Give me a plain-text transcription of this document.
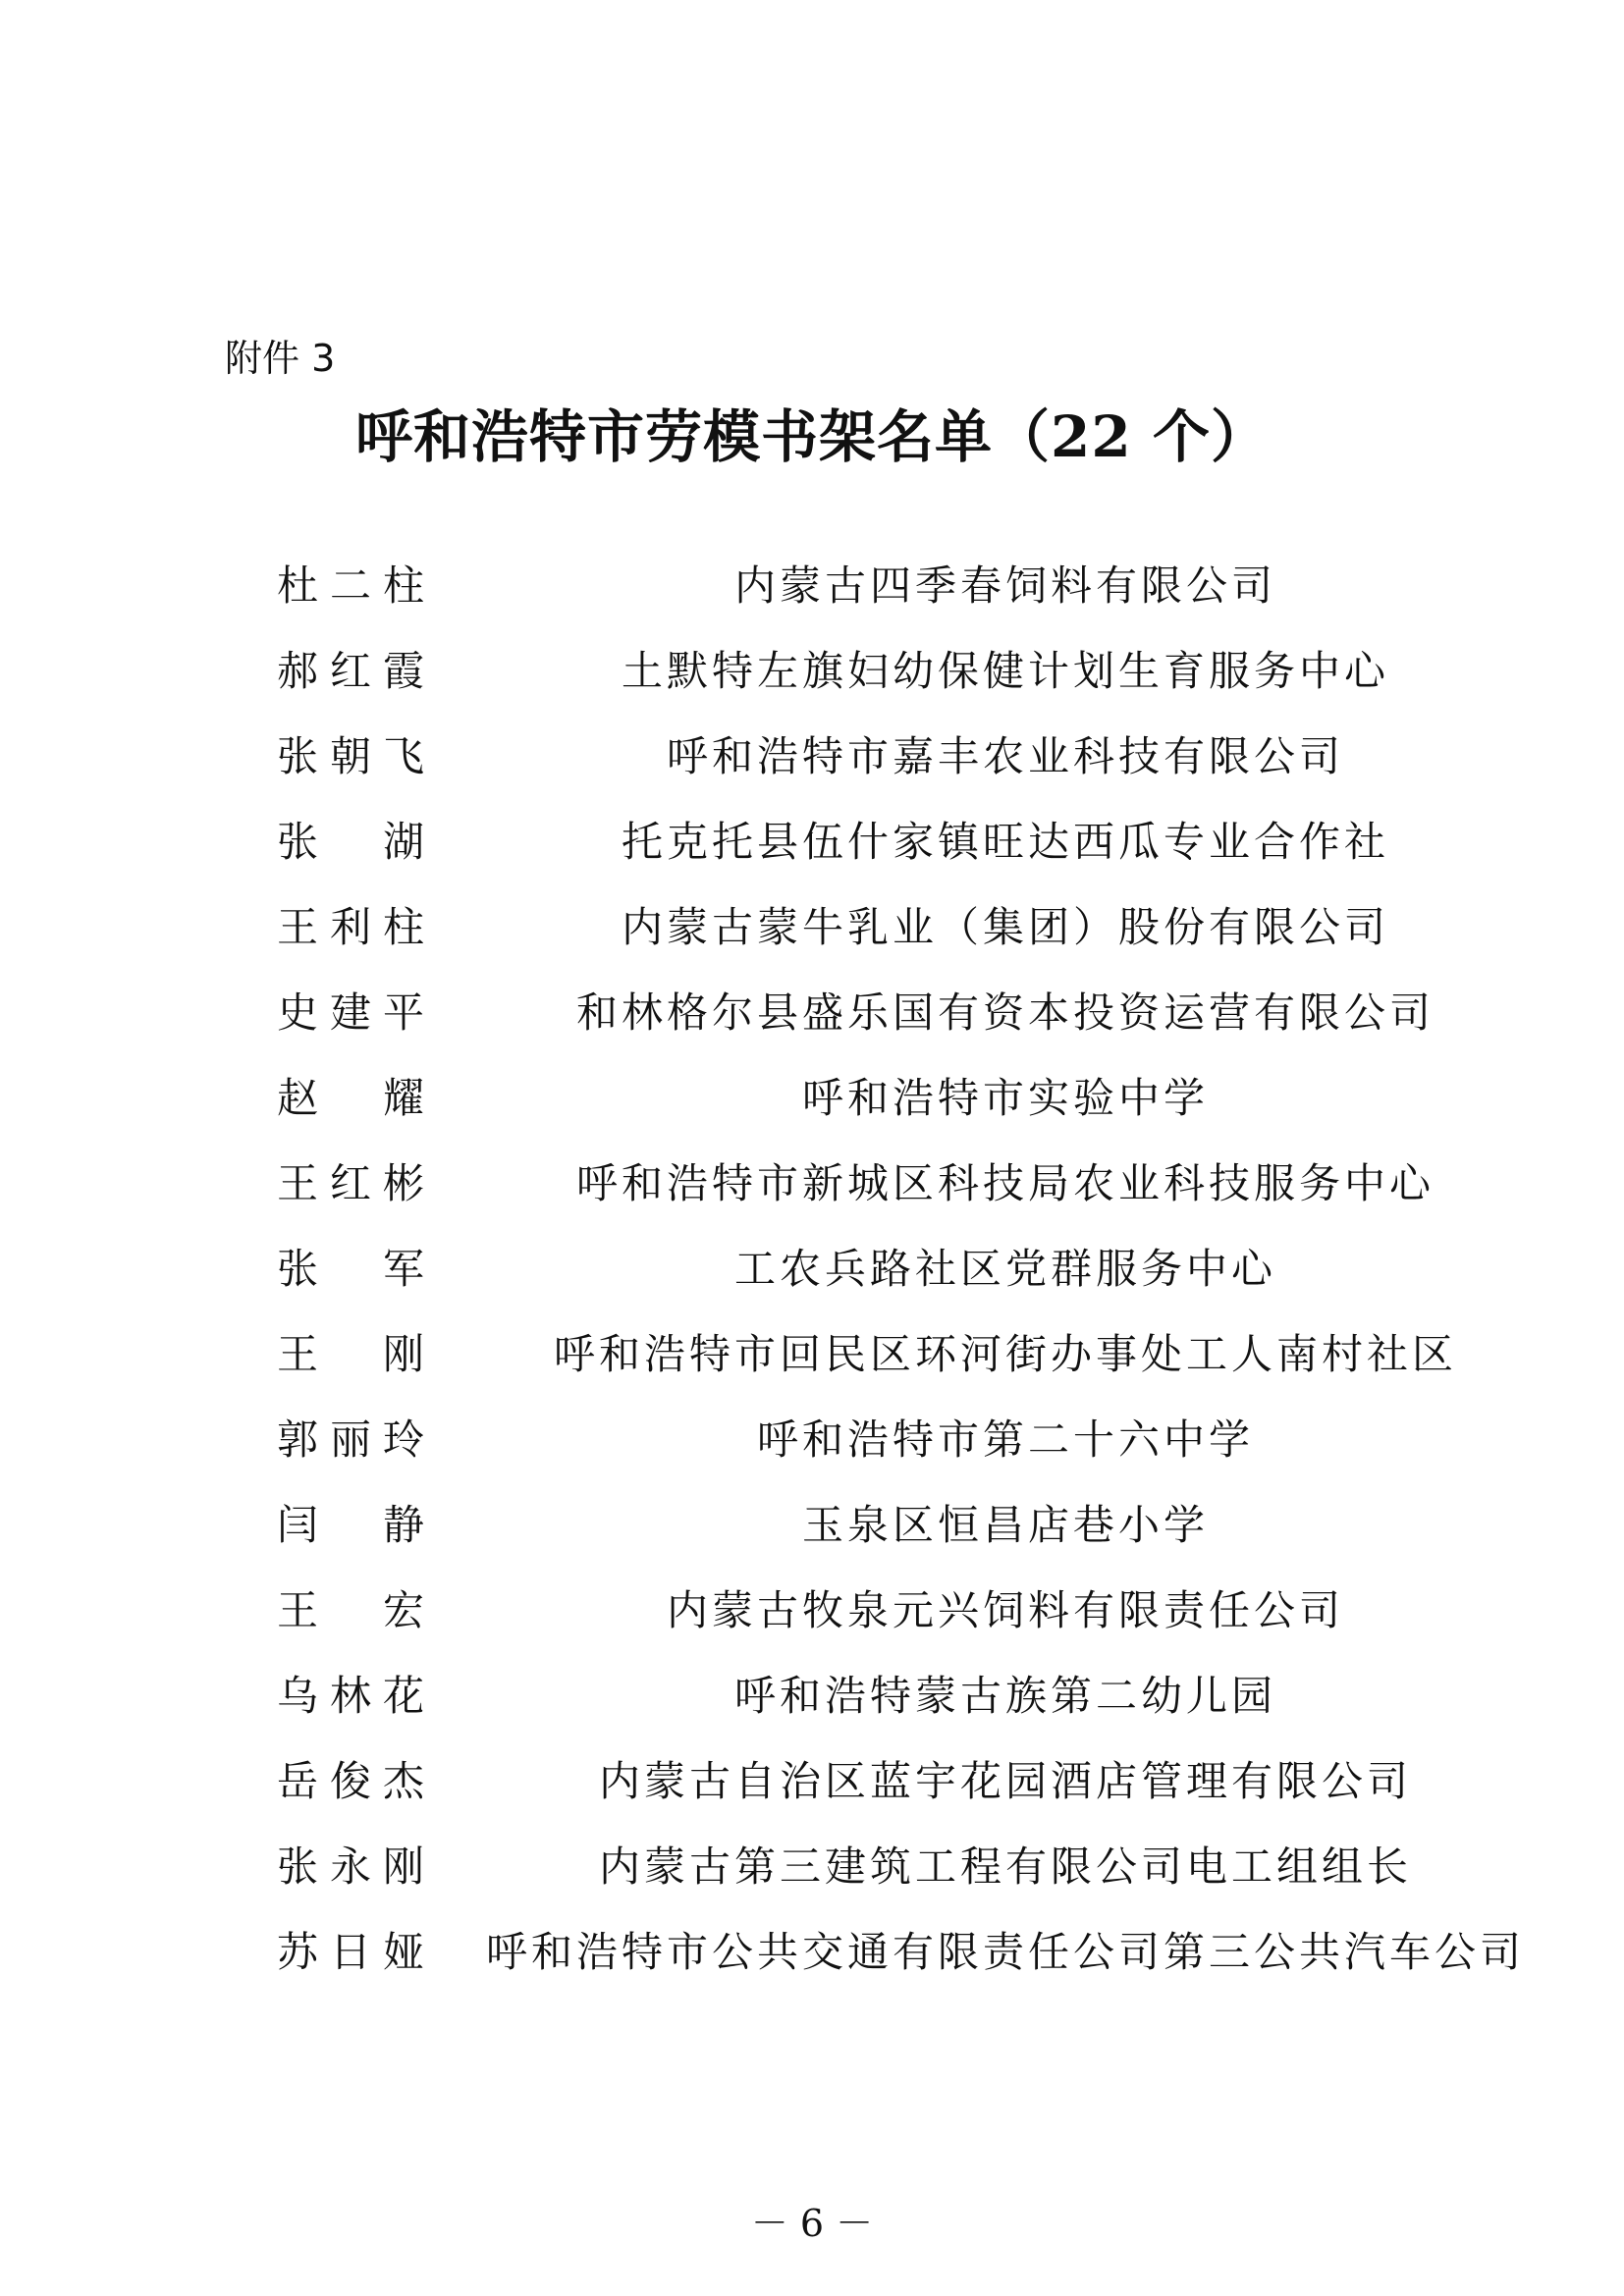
附件 3
呼和浩特市劳模书架名单（22 个）
杜二柱	内蒙古四季春饲料有限公司
郝红霞	土默特左旗妇幼保健计划生育服务中心
张朝飞	呼和浩特市嘉丰农业科技有限公司
张 湖	托克托县伍什家镇旺达西瓜专业合作社
王利柱	内蒙古蒙牛乳业（集团）股份有限公司
史建平	和林格尔县盛乐国有资本投资运营有限公司
赵 耀	呼和浩特市实验中学
王红彬	呼和浩特市新城区科技局农业科技服务中心
张 军	工农兵路社区党群服务中心
王 刚	呼和浩特市回民区环河街办事处工人南村社区
郭丽玲	呼和浩特市第二十六中学
闫 静	玉泉区恒昌店巷小学
王 宏	内蒙古牧泉元兴饲料有限责任公司
乌林花	呼和浩特蒙古族第二幼儿园
岳俊杰	内蒙古自治区蓝宇花园酒店管理有限公司
张永刚	内蒙古第三建筑工程有限公司电工组组长
苏日娅 呼和浩特市公共交通有限责任公司第三公共汽车公司
－ 6 －
